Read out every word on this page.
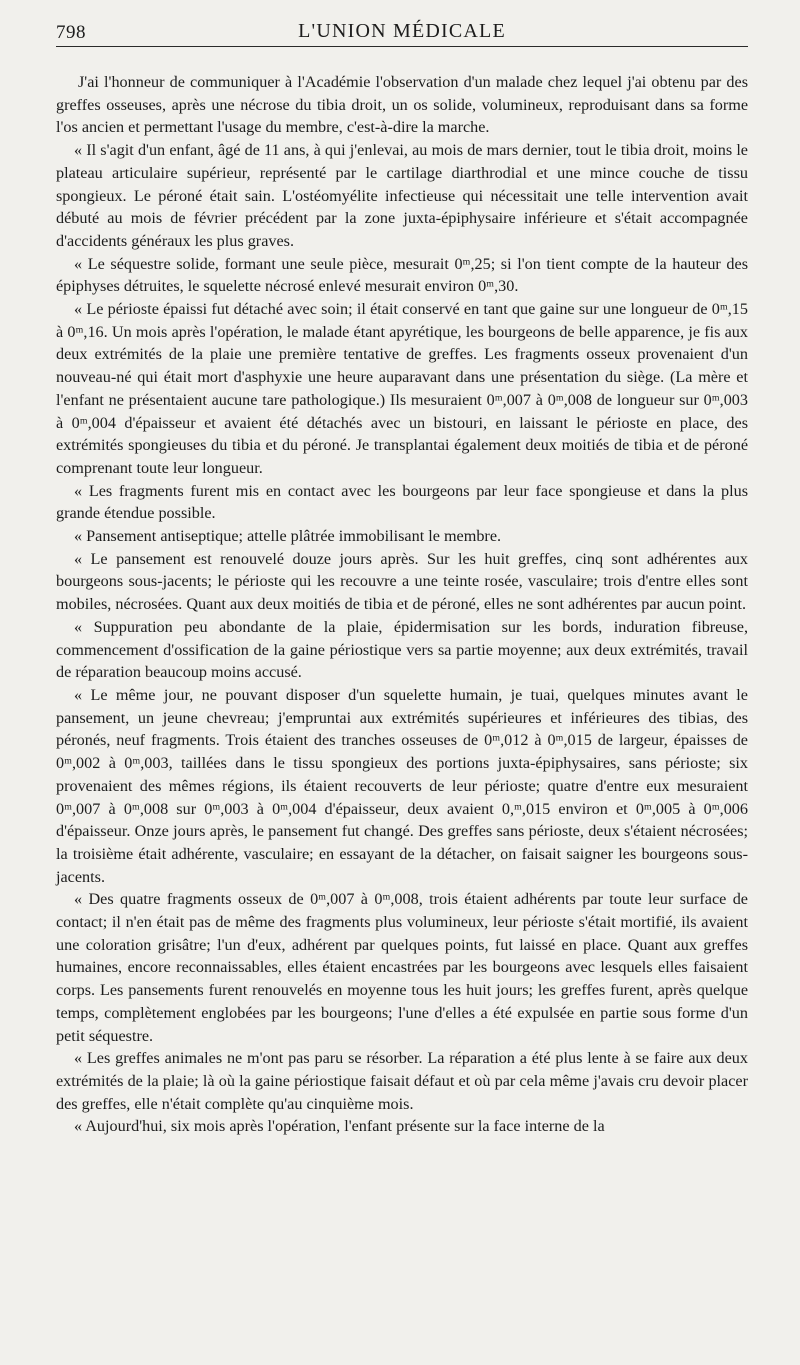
798	L'UNION MÉDICALE

J'ai l'honneur de communiquer à l'Académie l'observation d'un malade chez lequel j'ai obtenu par des greffes osseuses, après une nécrose du tibia droit, un os solide, volumineux, reproduisant dans sa forme l'os ancien et permettant l'usage du membre, c'est-à-dire la marche.

« Il s'agit d'un enfant, âgé de 11 ans, à qui j'enlevai, au mois de mars dernier, tout le tibia droit, moins le plateau articulaire supérieur, représenté par le cartilage diarthrodial et une mince couche de tissu spongieux. Le péroné était sain. L'ostéomyélite infectieuse qui nécessitait une telle intervention avait débuté au mois de février précédent par la zone juxta-épiphysaire inférieure et s'était accompagnée d'accidents généraux les plus graves.

« Le séquestre solide, formant une seule pièce, mesurait 0ᵐ,25; si l'on tient compte de la hauteur des épiphyses détruites, le squelette nécrosé enlevé mesurait environ 0ᵐ,30.

« Le périoste épaissi fut détaché avec soin; il était conservé en tant que gaine sur une longueur de 0ᵐ,15 à 0ᵐ,16. Un mois après l'opération, le malade étant apyrétique, les bourgeons de belle apparence, je fis aux deux extrémités de la plaie une première tentative de greffes. Les fragments osseux provenaient d'un nouveau-né qui était mort d'asphyxie une heure auparavant dans une présentation du siège. (La mère et l'enfant ne présentaient aucune tare pathologique.) Ils mesuraient 0ᵐ,007 à 0ᵐ,008 de longueur sur 0ᵐ,003 à 0ᵐ,004 d'épaisseur et avaient été détachés avec un bistouri, en laissant le périoste en place, des extrémités spongieuses du tibia et du péroné. Je transplantai également deux moitiés de tibia et de péroné comprenant toute leur longueur.

« Les fragments furent mis en contact avec les bourgeons par leur face spongieuse et dans la plus grande étendue possible.

« Pansement antiseptique; attelle plâtrée immobilisant le membre.

« Le pansement est renouvelé douze jours après. Sur les huit greffes, cinq sont adhérentes aux bourgeons sous-jacents; le périoste qui les recouvre a une teinte rosée, vasculaire; trois d'entre elles sont mobiles, nécrosées. Quant aux deux moitiés de tibia et de péroné, elles ne sont adhérentes par aucun point.

« Suppuration peu abondante de la plaie, épidermisation sur les bords, induration fibreuse, commencement d'ossification de la gaine périostique vers sa partie moyenne; aux deux extrémités, travail de réparation beaucoup moins accusé.

« Le même jour, ne pouvant disposer d'un squelette humain, je tuai, quelques minutes avant le pansement, un jeune chevreau; j'empruntai aux extrémités supérieures et inférieures des tibias, des péronés, neuf fragments. Trois étaient des tranches osseuses de 0ᵐ,012 à 0ᵐ,015 de largeur, épaisses de 0ᵐ,002 à 0ᵐ,003, taillées dans le tissu spongieux des portions juxta-épiphysaires, sans périoste; six provenaient des mêmes régions, ils étaient recouverts de leur périoste; quatre d'entre eux mesuraient 0ᵐ,007 à 0ᵐ,008 sur 0ᵐ,003 à 0ᵐ,004 d'épaisseur, deux avaient 0,ᵐ,015 environ et 0ᵐ,005 à 0ᵐ,006 d'épaisseur. Onze jours après, le pansement fut changé. Des greffes sans périoste, deux s'étaient nécrosées; la troisième était adhérente, vasculaire; en essayant de la détacher, on faisait saigner les bourgeons sous-jacents.

« Des quatre fragments osseux de 0ᵐ,007 à 0ᵐ,008, trois étaient adhérents par toute leur surface de contact; il n'en était pas de même des fragments plus volumineux, leur périoste s'était mortifié, ils avaient une coloration grisâtre; l'un d'eux, adhérent par quelques points, fut laissé en place. Quant aux greffes humaines, encore reconnaissables, elles étaient encastrées par les bourgeons avec lesquels elles faisaient corps. Les pansements furent renouvelés en moyenne tous les huit jours; les greffes furent, après quelque temps, complètement englobées par les bourgeons; l'une d'elles a été expulsée en partie sous forme d'un petit séquestre.

« Les greffes animales ne m'ont pas paru se résorber. La réparation a été plus lente à se faire aux deux extrémités de la plaie; là où la gaine périostique faisait défaut et où par cela même j'avais cru devoir placer des greffes, elle n'était complète qu'au cinquième mois.

« Aujourd'hui, six mois après l'opération, l'enfant présente sur la face interne de la
